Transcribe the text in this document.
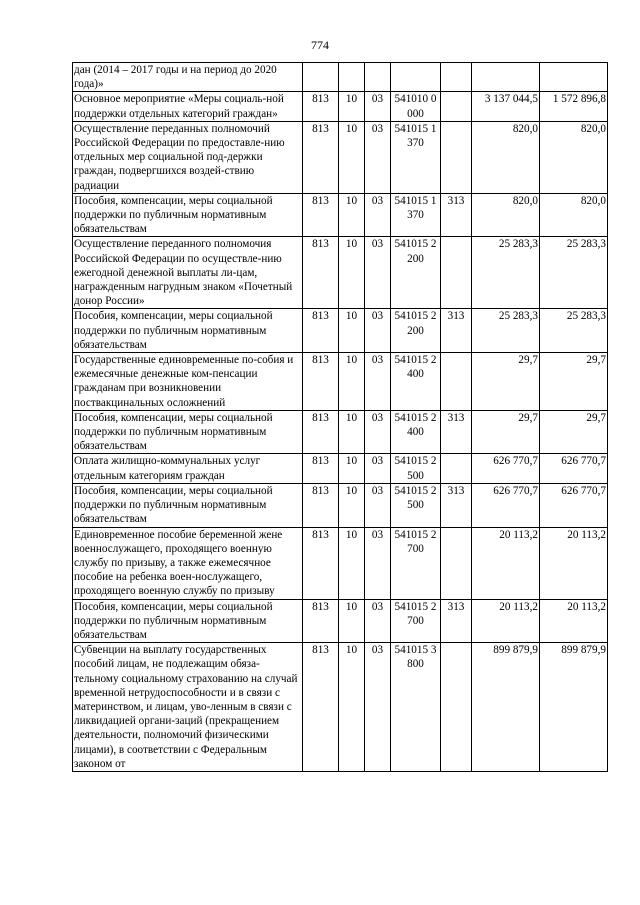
774
дан (2014 – 2017 годы и на период до 2020 года)»							
Основное мероприятие «Меры социаль-ной поддержки отдельных категорий граждан»	813	10	03	541010 0000		3 137 044,5	1 572 896,8
Осуществление переданных полномочий Российской Федерации по предоставле-нию отдельных мер социальной под-держки граждан, подвергшихся воздей-ствию радиации	813	10	03	541015 1370		820,0	820,0
Пособия, компенсации, меры социальной поддержки по публичным нормативным обязательствам	813	10	03	541015 1370	313	820,0	820,0
Осуществление переданного полномочия Российской Федерации по осуществле-нию ежегодной денежной выплаты ли-цам, награжденным нагрудным знаком «Почетный донор России»	813	10	03	541015 2200		25 283,3	25 283,3
Пособия, компенсации, меры социальной поддержки по публичным нормативным обязательствам	813	10	03	541015 2200	313	25 283,3	25 283,3
Государственные единовременные по-собия и ежемесячные денежные ком-пенсации гражданам при возникновении поствакцинальных осложнений	813	10	03	541015 2400		29,7	29,7
Пособия, компенсации, меры социальной поддержки по публичным нормативным обязательствам	813	10	03	541015 2400	313	29,7	29,7
Оплата жилищно-коммунальных услуг отдельным категориям граждан	813	10	03	541015 2500		626 770,7	626 770,7
Пособия, компенсации, меры социальной поддержки по публичным нормативным обязательствам	813	10	03	541015 2500	313	626 770,7	626 770,7
Единовременное пособие беременной жене военнослужащего, проходящего военную службу по призыву, а также ежемесячное пособие на ребенка воен-нослужащего, проходящего военную службу по призыву	813	10	03	541015 2700		20 113,2	20 113,2
Пособия, компенсации, меры социальной поддержки по публичным нормативным обязательствам	813	10	03	541015 2700	313	20 113,2	20 113,2
Субвенции на выплату государственных пособий лицам, не подлежащим обяза-тельному социальному страхованию на случай временной нетрудоспособности и в связи с материнством, и лицам, уво-ленным в связи с ликвидацией органи-заций (прекращением деятельности, полномочий физическими лицами), в соответствии с Федеральным законом от	813	10	03	541015 3800		899 879,9	899 879,9
